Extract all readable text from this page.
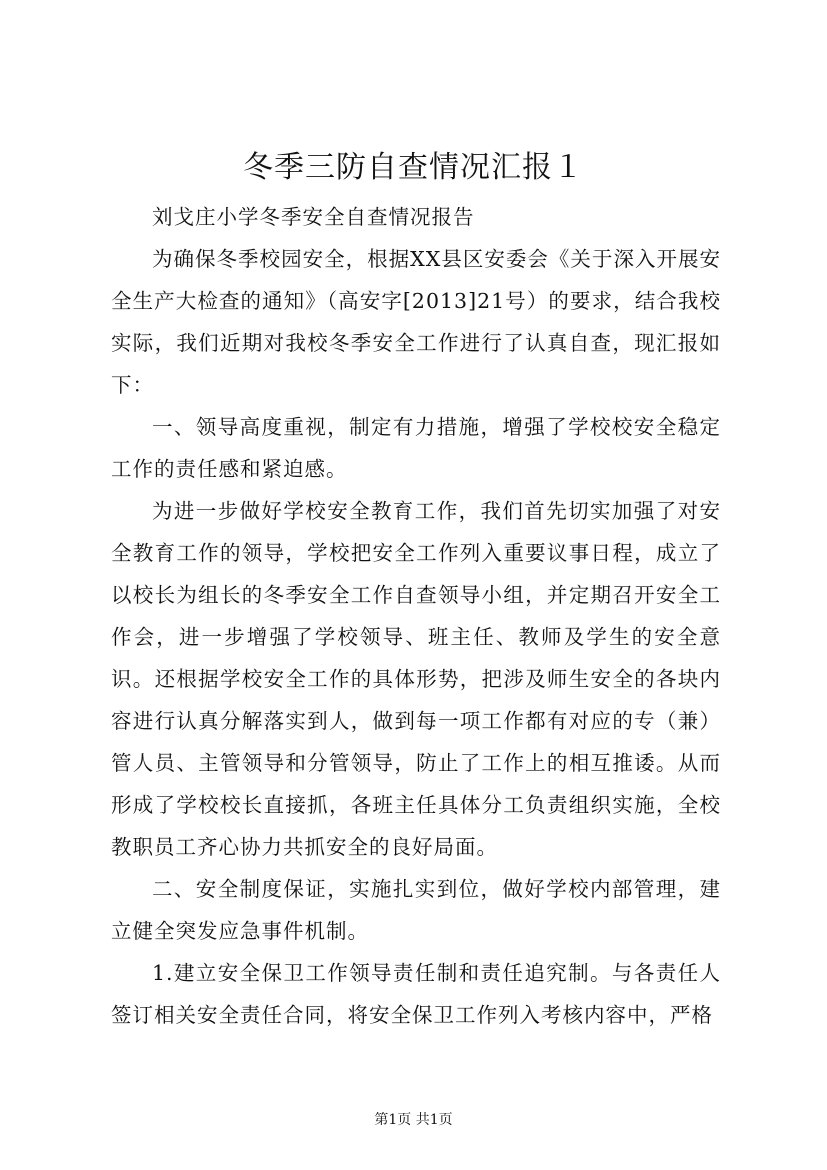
冬季三防自查情况汇报１

刘戈庄小学冬季安全自查情况报告

为确保冬季校园安全，根据XX县区安委会《关于深入开展安全生产大检查的通知》（高安字[2013]21号）的要求，结合我校实际，我们近期对我校冬季安全工作进行了认真自查，现汇报如下：

一、领导高度重视，制定有力措施，增强了学校校安全稳定工作的责任感和紧迫感。

为进一步做好学校安全教育工作，我们首先切实加强了对安全教育工作的领导，学校把安全工作列入重要议事日程，成立了以校长为组长的冬季安全工作自查领导小组，并定期召开安全工作会，进一步增强了学校领导、班主任、教师及学生的安全意识。还根据学校安全工作的具体形势，把涉及师生安全的各块内容进行认真分解落实到人，做到每一项工作都有对应的专（兼）管人员、主管领导和分管领导，防止了工作上的相互推诿。从而形成了学校校长直接抓，各班主任具体分工负责组织实施，全校教职员工齐心协力共抓安全的良好局面。

二、安全制度保证，实施扎实到位，做好学校内部管理，建立健全突发应急事件机制。

1.建立安全保卫工作领导责任制和责任追究制。与各责任人签订相关安全责任合同，将安全保卫工作列入考核内容中，严格

第1页 共1页
